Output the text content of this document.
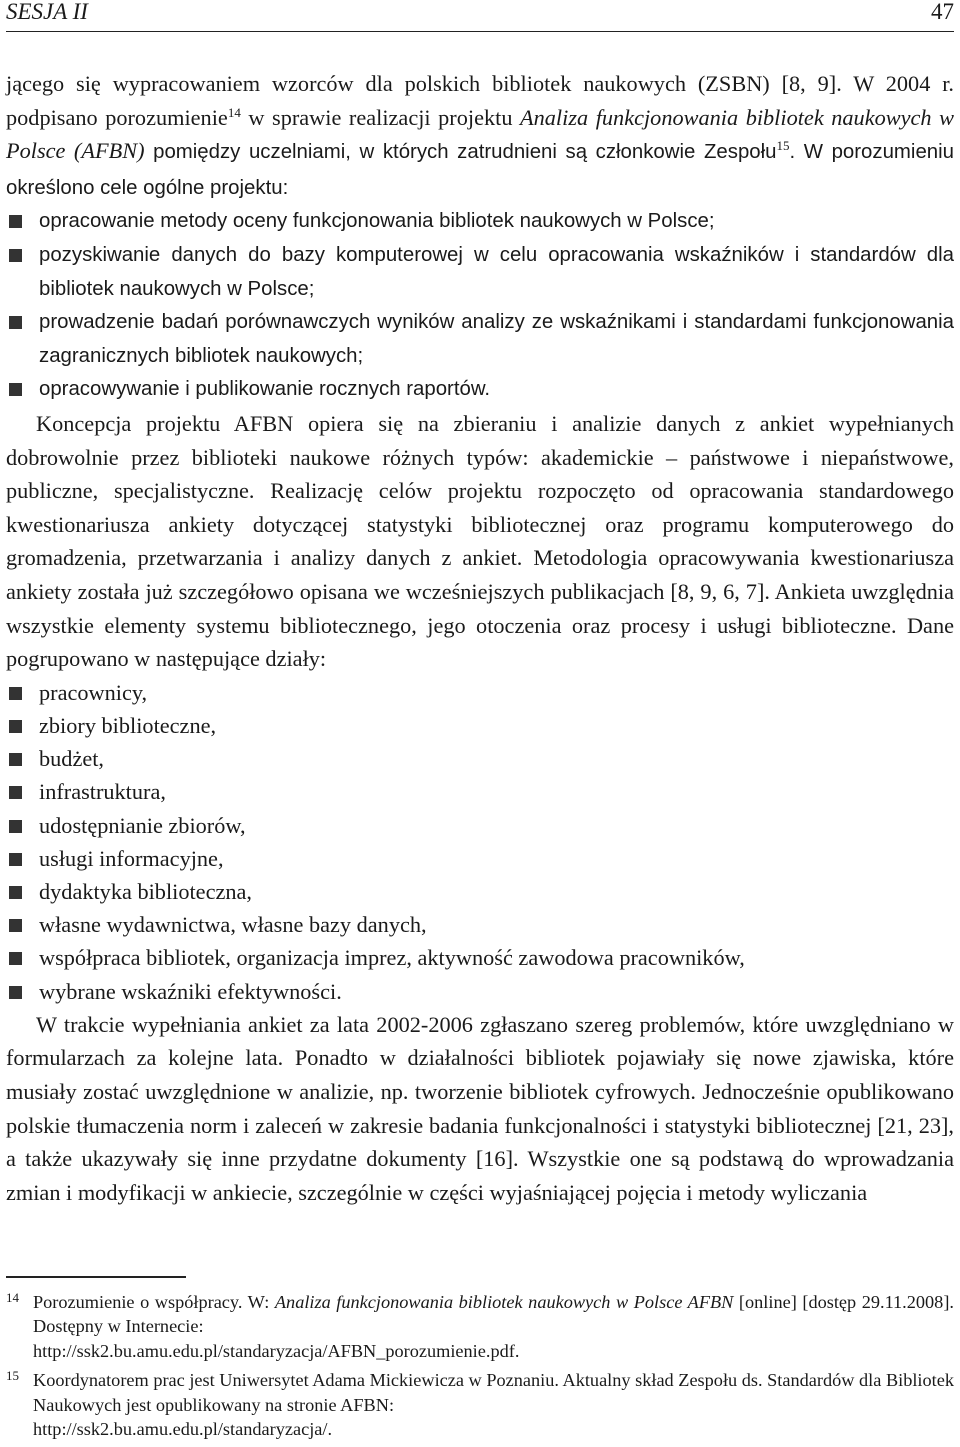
SESJA II	47

jącego się wypracowaniem wzorców dla polskich bibliotek naukowych (ZSBN) [8, 9]. W 2004 r. podpisano porozumienie$^{14}$ w sprawie realizacji projektu Analiza funkcjonowania bibliotek naukowych w Polsce (AFBN) pomiędzy uczelniami, w których zatrudnieni są członkowie Zespołu$^{15}$. W porozumieniu określono cele ogólne projektu:

opracowanie metody oceny funkcjonowania bibliotek naukowych w Polsce;
pozyskiwanie danych do bazy komputerowej w celu opracowania wskaźników i standardów dla bibliotek naukowych w Polsce;
prowadzenie badań porównawczych wyników analizy ze wskaźnikami i standardami funkcjonowania zagranicznych bibliotek naukowych;
opracowywanie i publikowanie rocznych raportów.

Koncepcja projektu AFBN opiera się na zbieraniu i analizie danych z ankiet wypełnianych dobrowolnie przez biblioteki naukowe różnych typów: akademickie – państwowe i niepaństwowe, publiczne, specjalistyczne. Realizację celów projektu rozpoczęto od opracowania standardowego kwestionariusza ankiety dotyczącej statystyki bibliotecznej oraz programu komputerowego do gromadzenia, przetwarzania i analizy danych z ankiet. Metodologia opracowywania kwestionariusza ankiety została już szczegółowo opisana we wcześniejszych publikacjach [8, 9, 6, 7]. Ankieta uwzględnia wszystkie elementy systemu bibliotecznego, jego otoczenia oraz procesy i usługi biblioteczne. Dane pogrupowano w następujące działy:

pracownicy,
zbiory biblioteczne,
budżet,
infrastruktura,
udostępnianie zbiorów,
usługi informacyjne,
dydaktyka biblioteczna,
własne wydawnictwa, własne bazy danych,
współpraca bibliotek, organizacja imprez, aktywność zawodowa pracowników,
wybrane wskaźniki efektywności.

W trakcie wypełniania ankiet za lata 2002-2006 zgłaszano szereg problemów, które uwzględniano w formularzach za kolejne lata. Ponadto w działalności bibliotek pojawiały się nowe zjawiska, które musiały zostać uwzględnione w analizie, np. tworzenie bibliotek cyfrowych. Jednocześnie opublikowano polskie tłumaczenia norm i zaleceń w zakresie badania funkcjonalności i statystyki bibliotecznej [21, 23], a także ukazywały się inne przydatne dokumenty [16]. Wszystkie one są podstawą do wprowadzania zmian i modyfikacji w ankiecie, szczególnie w części wyjaśniającej pojęcia i metody wyliczania

14 Porozumienie o współpracy. W: Analiza funkcjonowania bibliotek naukowych w Polsce AFBN [online] [dostęp 29.11.2008]. Dostępny w Internecie:
http://ssk2.bu.amu.edu.pl/standaryzacja/AFBN_porozumienie.pdf.
15 Koordynatorem prac jest Uniwersytet Adama Mickiewicza w Poznaniu. Aktualny skład Zespołu ds. Standardów dla Bibliotek Naukowych jest opublikowany na stronie AFBN:
http://ssk2.bu.amu.edu.pl/standaryzacja/.
